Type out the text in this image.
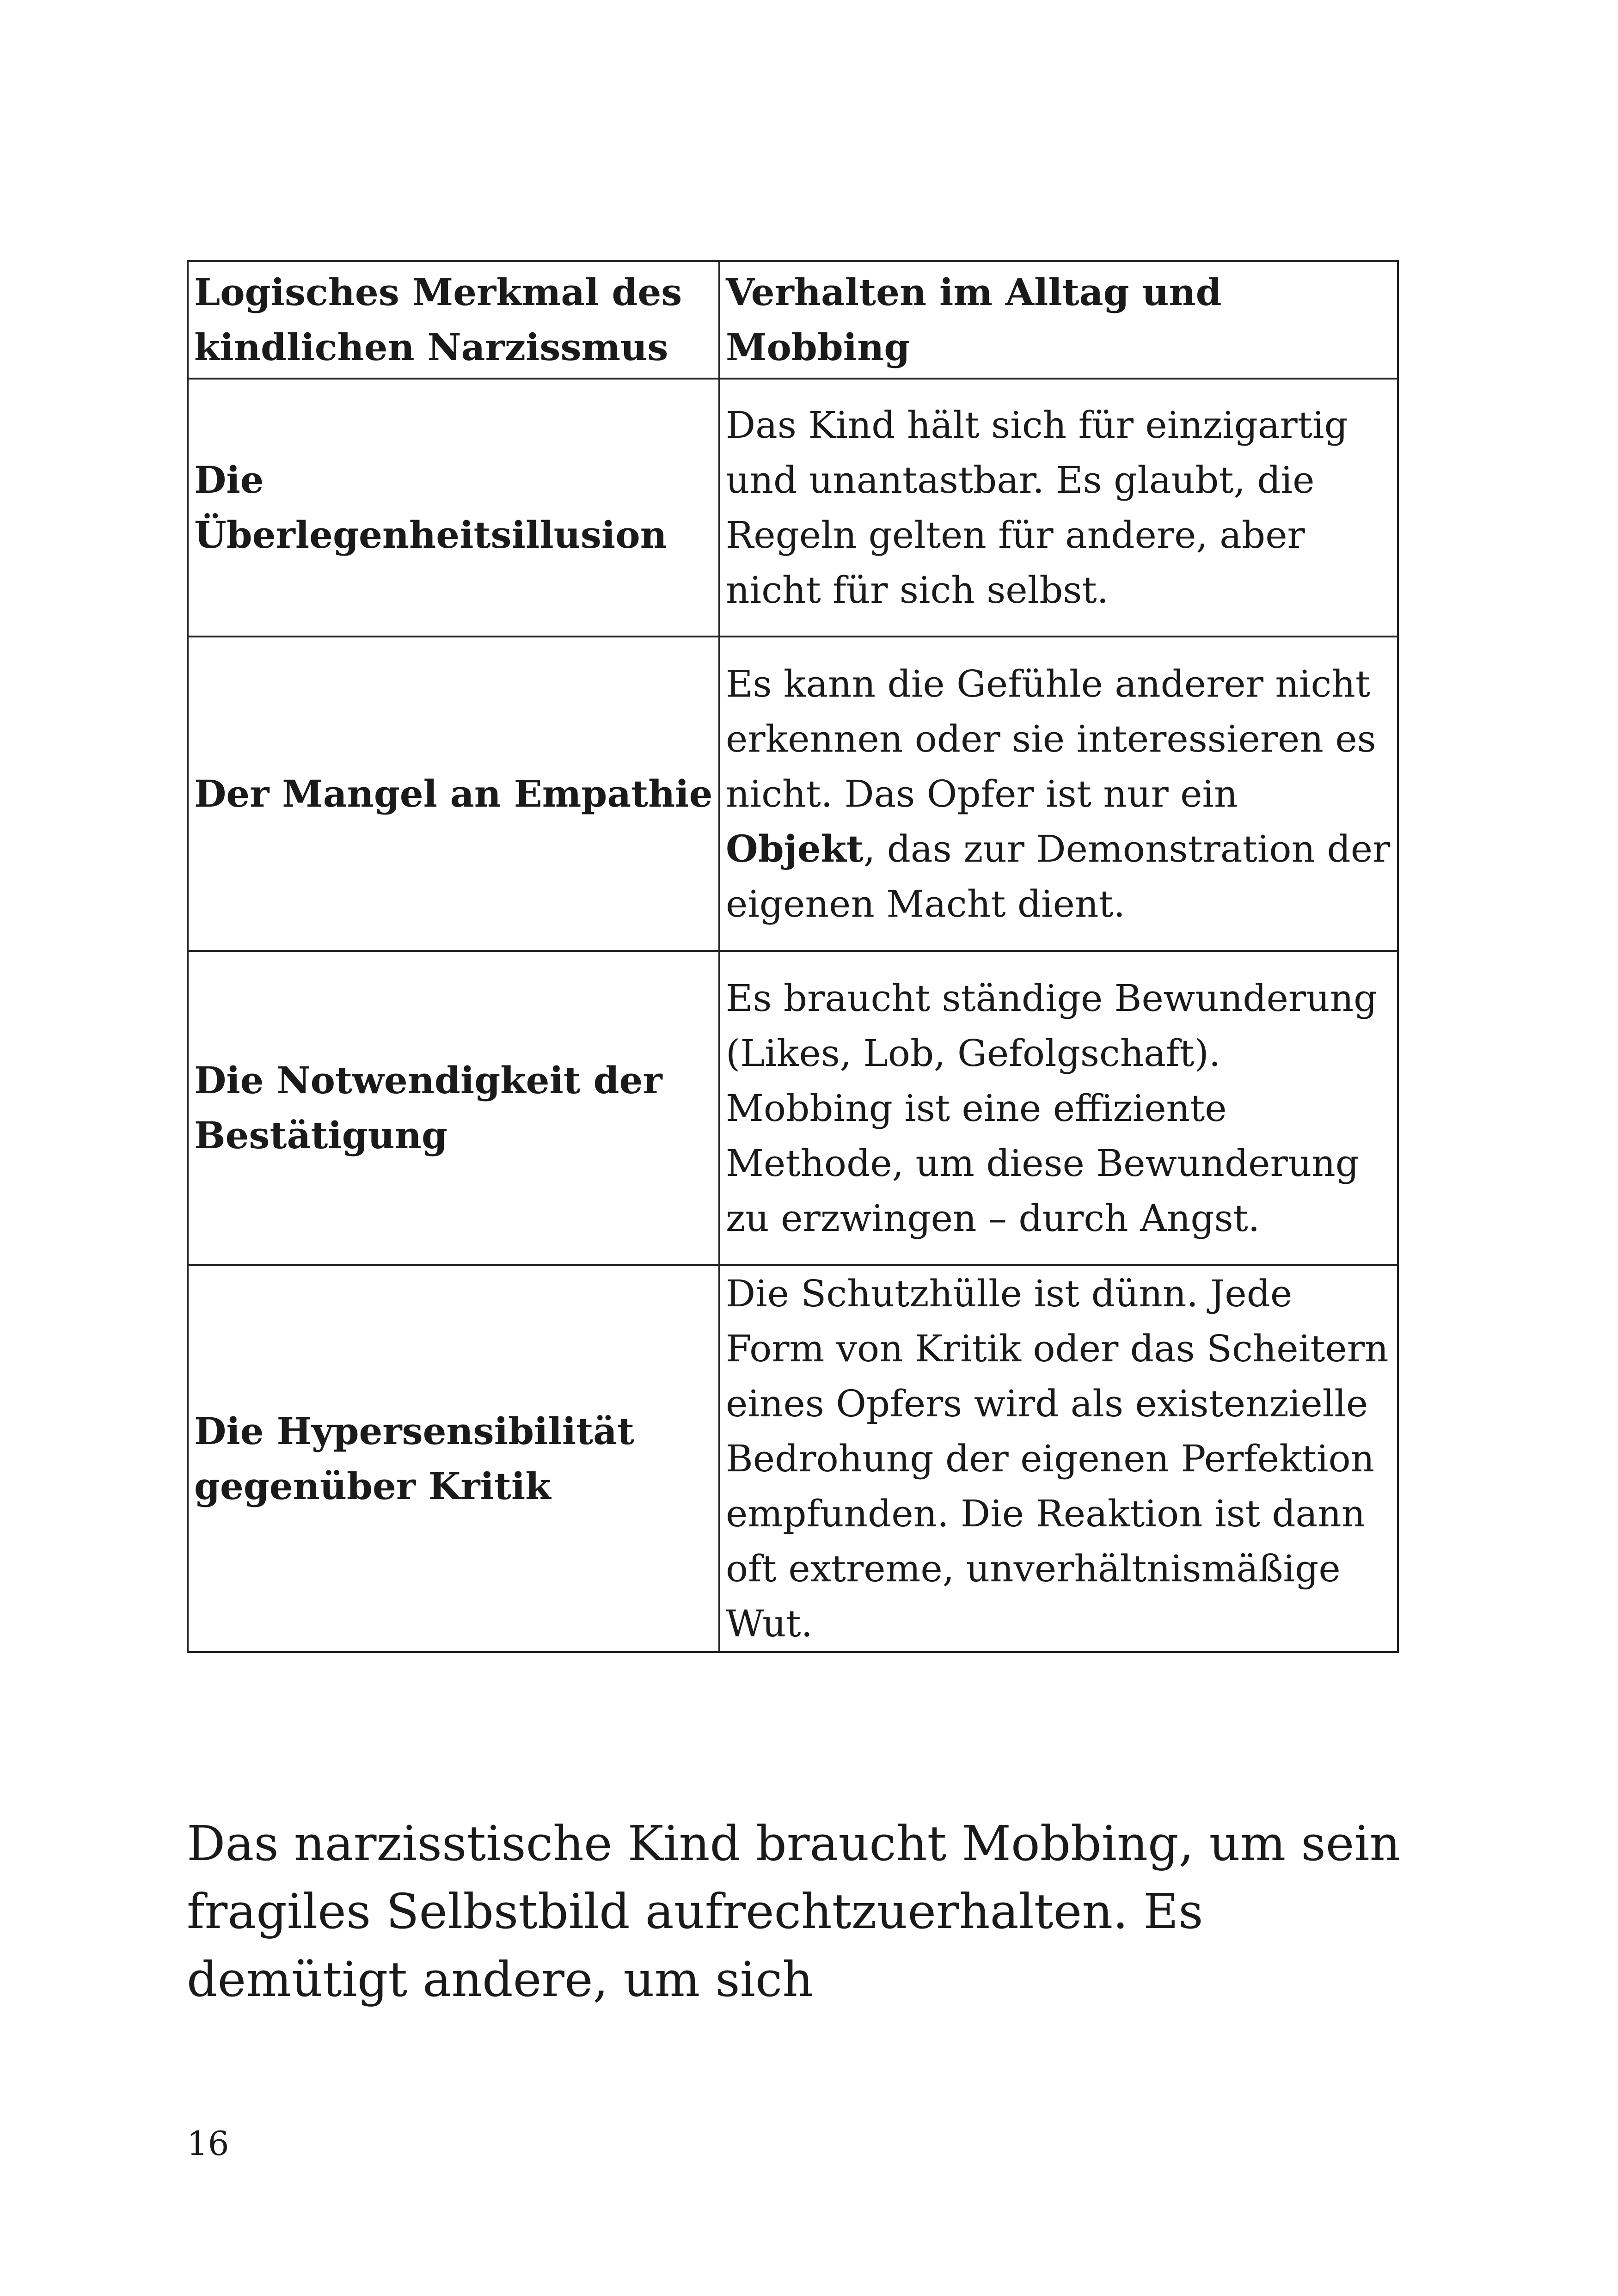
Logisches Merkmal des kindlichen Narzissmus	Verhalten im Alltag und Mobbing
Die Überlegenheitsillusion	Das Kind hält sich für einzigartig und unantastbar. Es glaubt, die Regeln gelten für andere, aber nicht für sich selbst.
Der Mangel an Empathie	Es kann die Gefühle anderer nicht erkennen oder sie interessieren es nicht. Das Opfer ist nur ein Objekt, das zur Demonstration der eigenen Macht dient.
Die Notwendigkeit der Bestätigung	Es braucht ständige Bewunderung (Likes, Lob, Gefolgschaft). Mobbing ist eine effiziente Methode, um diese Bewunderung zu erzwingen – durch Angst.
Die Hypersensibilität gegenüber Kritik	Die Schutzhülle ist dünn. Jede Form von Kritik oder das Scheitern eines Opfers wird als existenzielle Bedrohung der eigenen Perfektion empfunden. Die Reaktion ist dann oft extreme, unverhältnismäßige Wut.

Das narzisstische Kind braucht Mobbing, um sein fragiles Selbstbild aufrechtzuerhalten. Es demütigt andere, um sich

16
